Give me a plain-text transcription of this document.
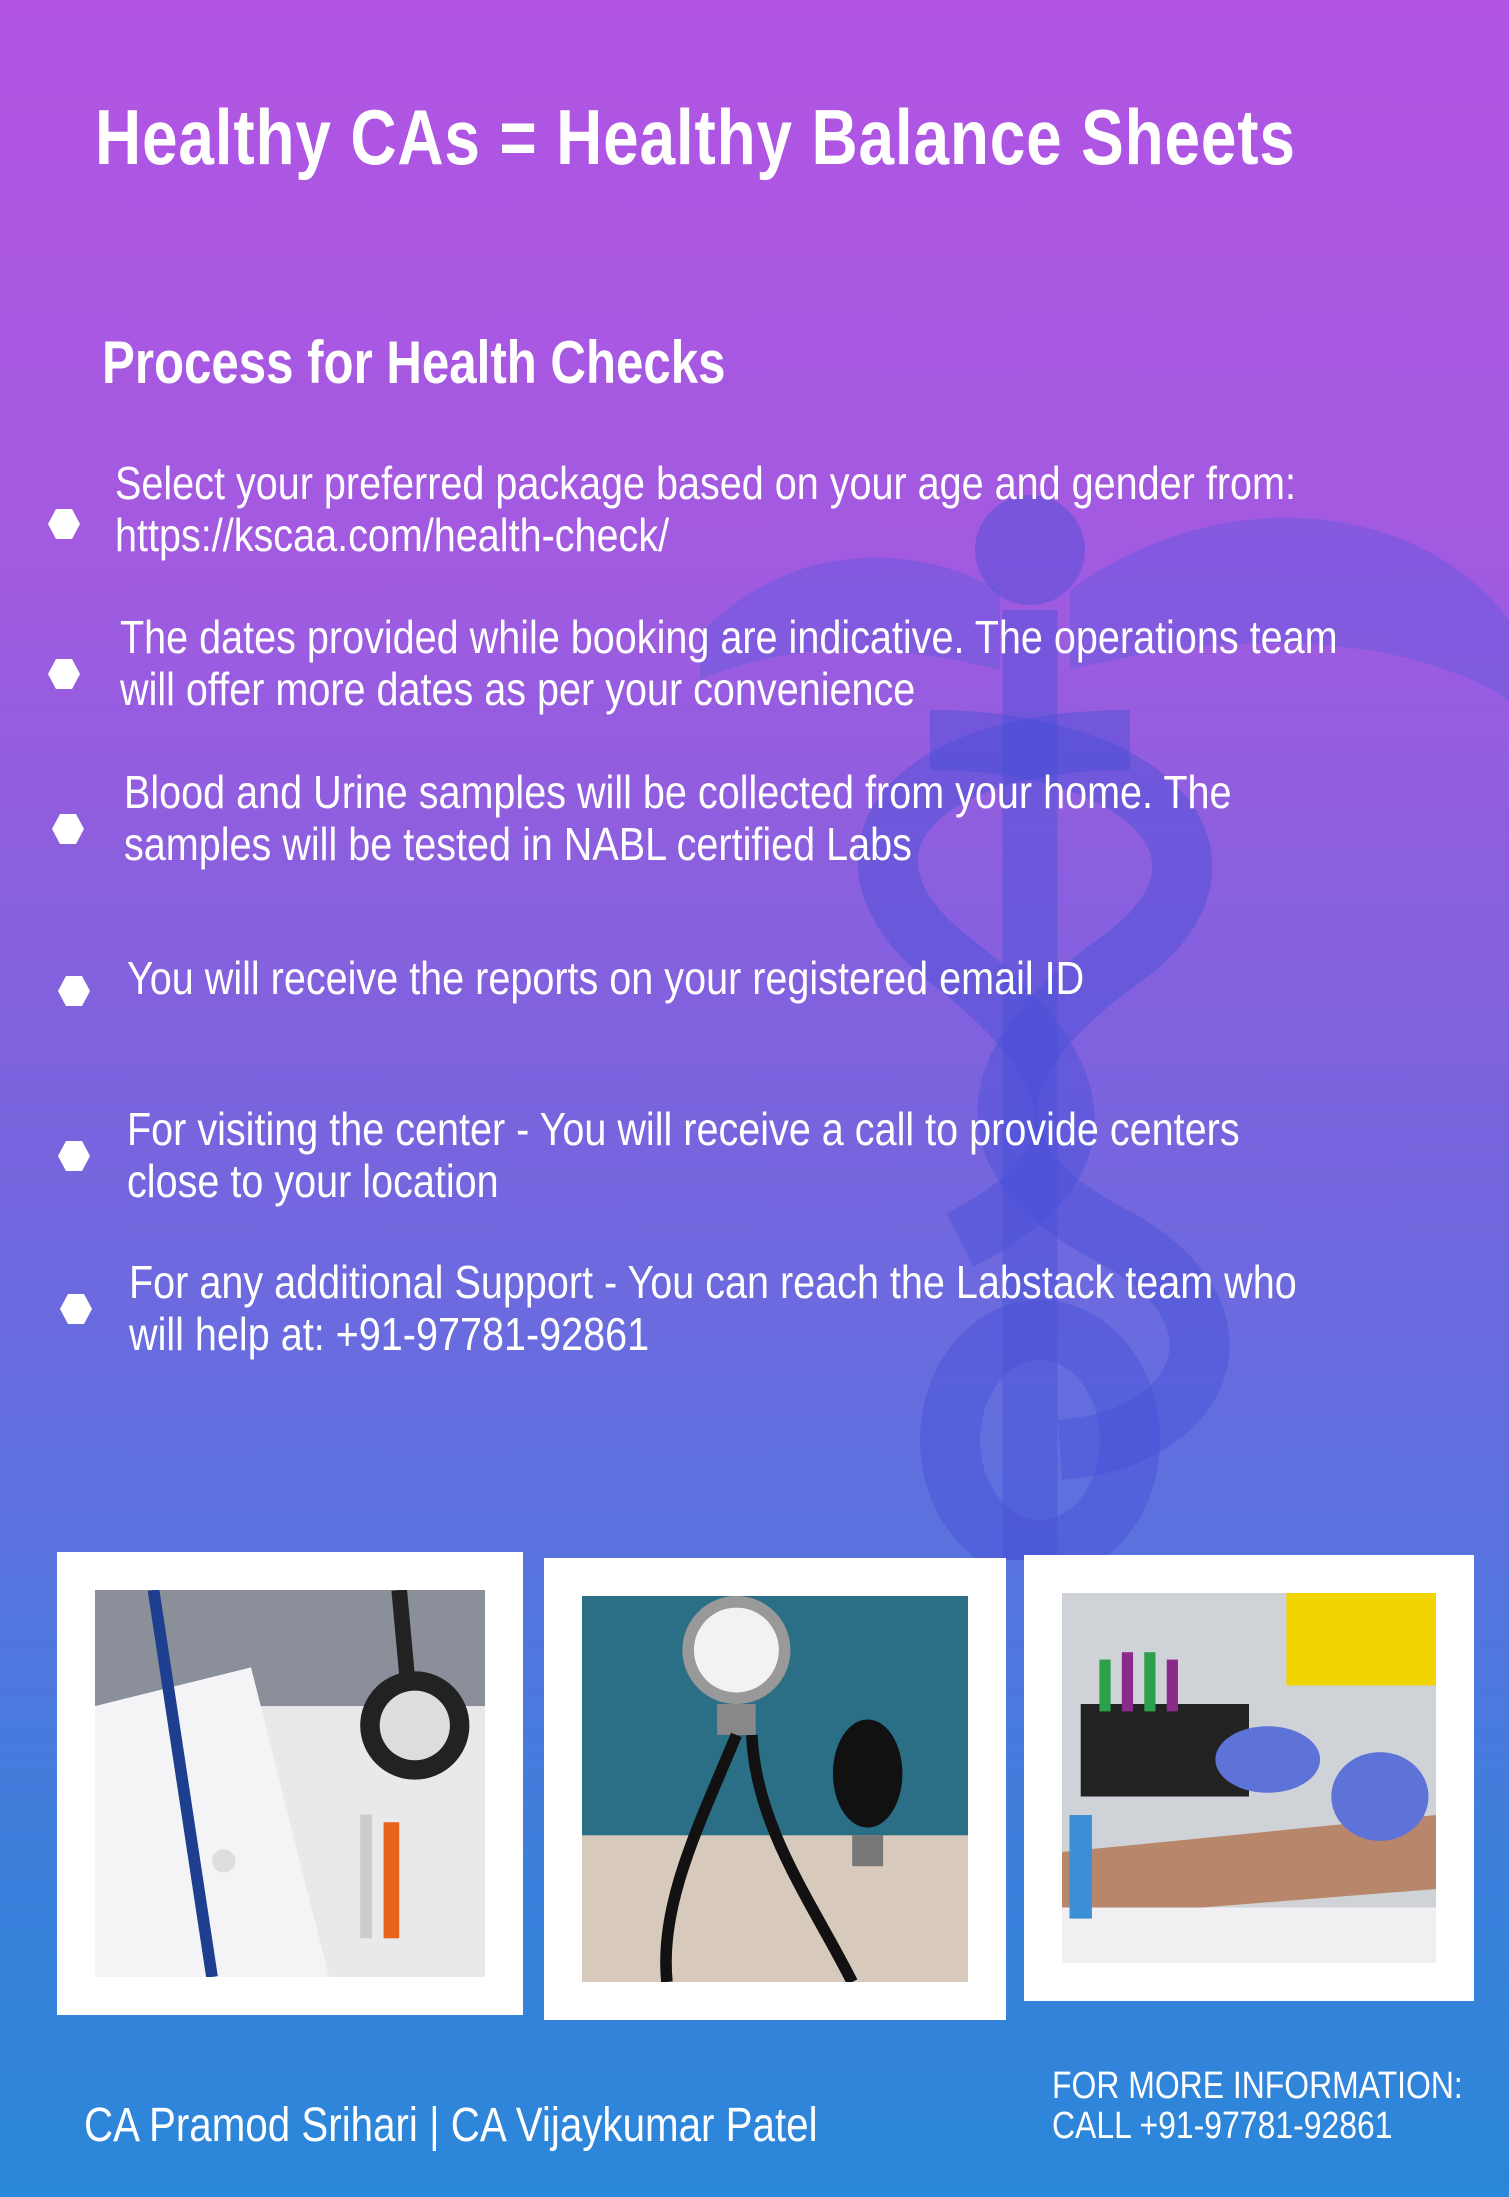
Healthy CAs = Healthy Balance Sheets
Process for Health Checks
Select your preferred package based on your age and gender from:
https://kscaa.com/health-check/
The dates provided while booking are indicative. The operations team
will offer more dates as per your convenience
Blood and Urine samples will be collected from your home. The
samples will be tested in NABL certified Labs
You will receive the reports on your registered email ID
For visiting the center - You will receive a call to provide centers
close to your location
For any additional Support - You can reach the Labstack team who
will help at: +91-97781-92861
CA Pramod Srihari | CA Vijaykumar Patel
FOR MORE INFORMATION:
CALL +91-97781-92861
